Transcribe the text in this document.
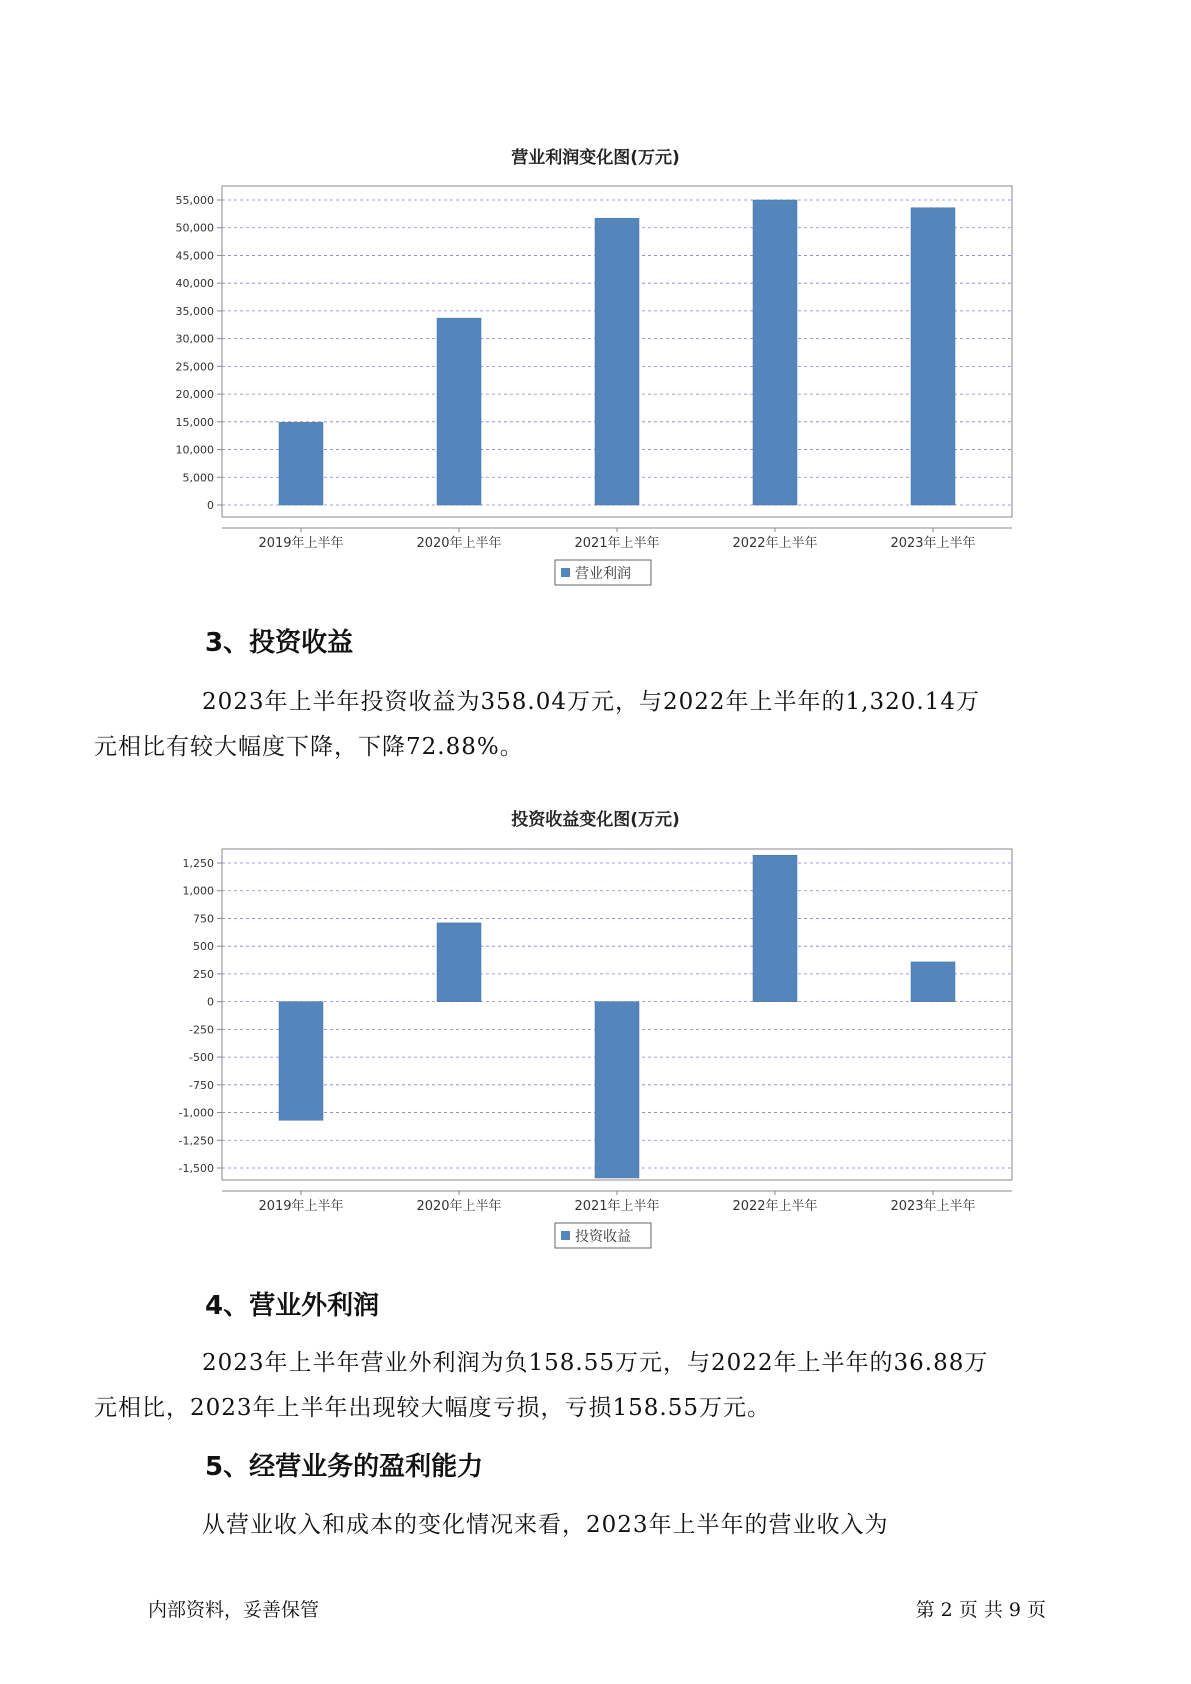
营业利润变化图(万元)
0
5,000
10,000
15,000
20,000
25,000
30,000
35,000
40,000
45,000
50,000
55,000
2019年上半年	2020年上半年	2021年上半年	2022年上半年	2023年上半年
营业利润
3、投资收益

2023年上半年投资收益为358.04万元，与2022年上半年的1,320.14万
元相比有较大幅度下降，下降72.88%。

投资收益变化图(万元)
1,250
1,000
750
500
250
0
-250
-500
-750
-1,000
-1,250
-1,500
2019年上半年	2020年上半年	2021年上半年	2022年上半年	2023年上半年
投资收益
4、营业外利润

2023年上半年营业外利润为负158.55万元，与2022年上半年的36.88万
元相比，2023年上半年出现较大幅度亏损，亏损158.55万元。

5、经营业务的盈利能力

从营业收入和成本的变化情况来看，2023年上半年的营业收入为

内部资料，妥善保管	第 2 页 共 9 页
